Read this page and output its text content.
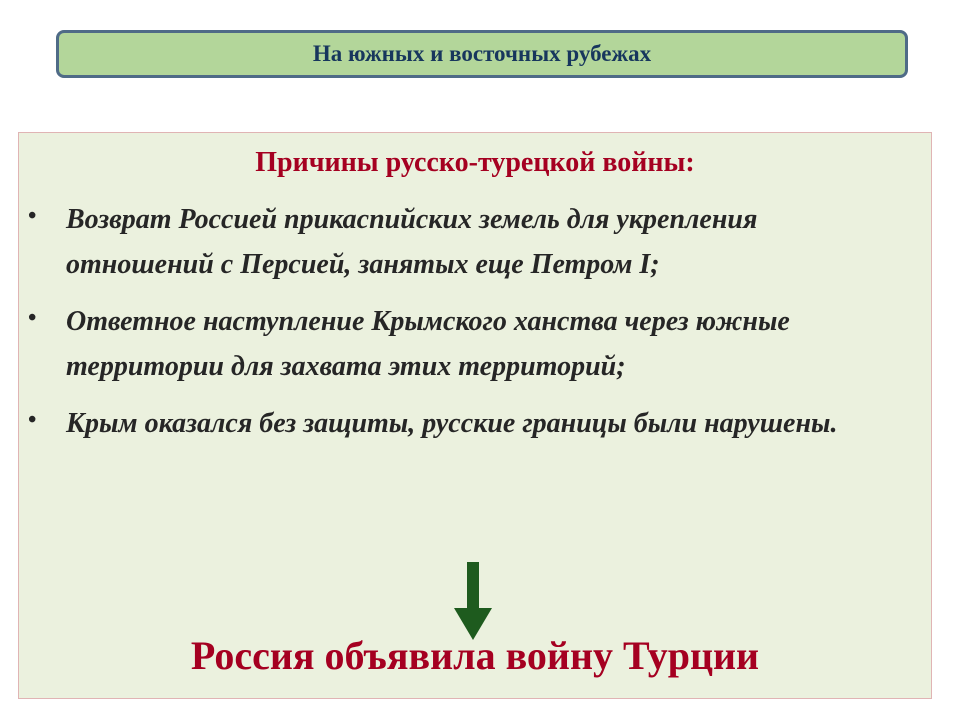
На южных и восточных рубежах
Причины русско-турецкой войны:
• Возврат Россией прикаспийских земель для укрепления отношений с Персией, занятых еще Петром I;
• Ответное наступление Крымского ханства через южные территории для захвата этих территорий;
• Крым оказался без защиты, русские границы были нарушены.
Россия объявила войну Турции
